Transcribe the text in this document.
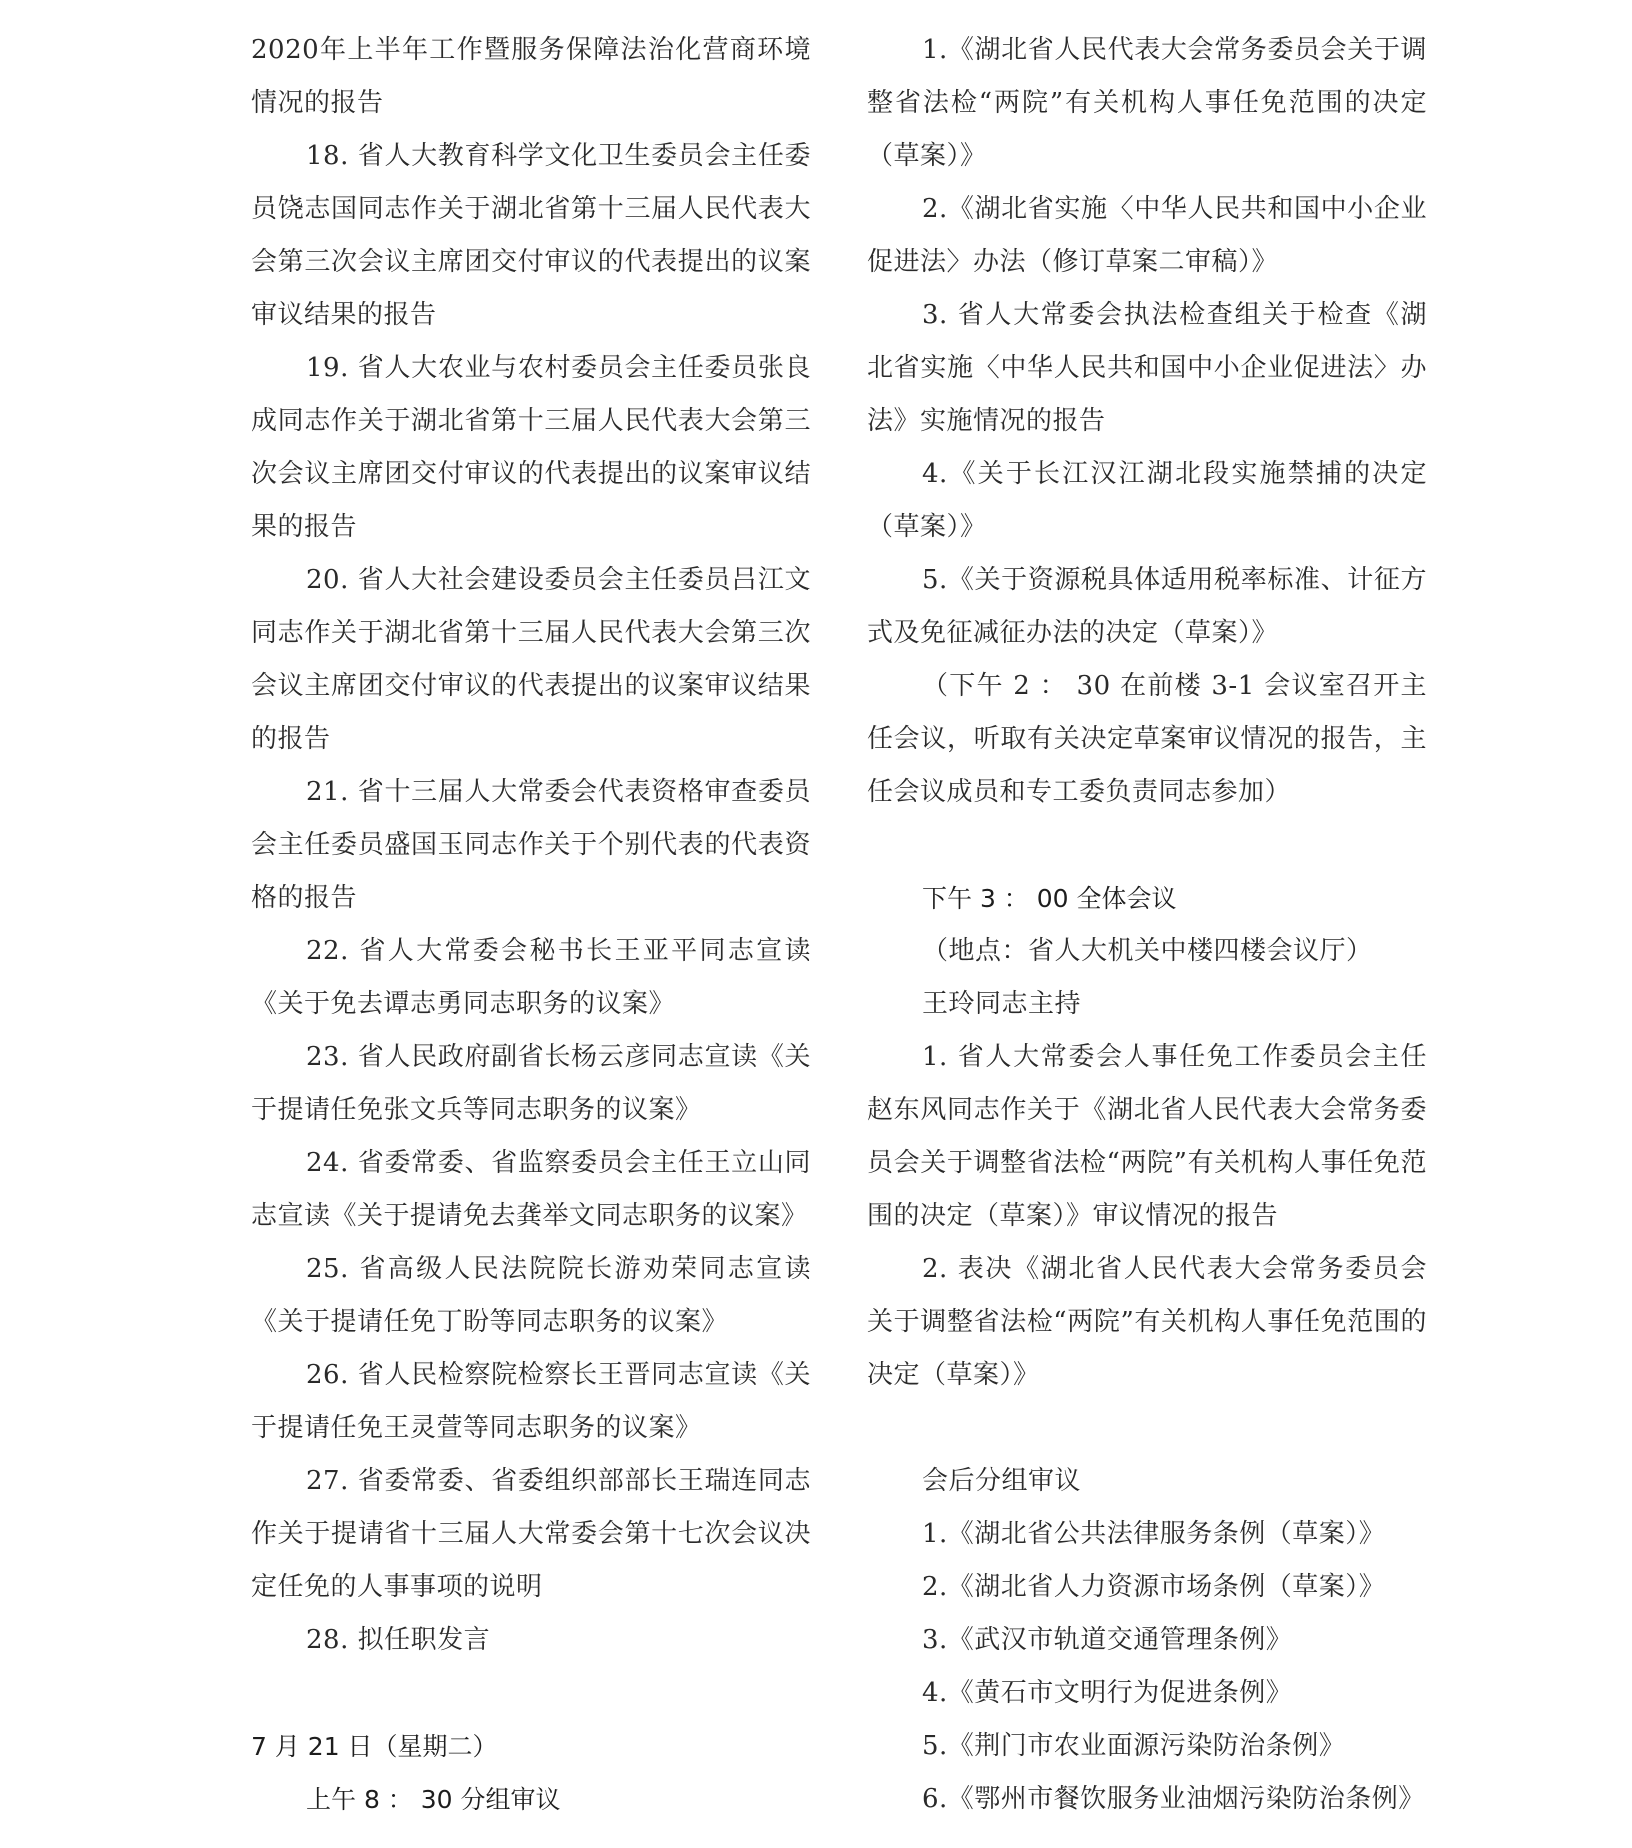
2020年上半年工作暨服务保障法治化营商环境情况的报告

18. 省人大教育科学文化卫生委员会主任委员饶志国同志作关于湖北省第十三届人民代表大会第三次会议主席团交付审议的代表提出的议案审议结果的报告

19. 省人大农业与农村委员会主任委员张良成同志作关于湖北省第十三届人民代表大会第三次会议主席团交付审议的代表提出的议案审议结果的报告

20. 省人大社会建设委员会主任委员吕江文同志作关于湖北省第十三届人民代表大会第三次会议主席团交付审议的代表提出的议案审议结果的报告

21. 省十三届人大常委会代表资格审查委员会主任委员盛国玉同志作关于个别代表的代表资格的报告

22. 省人大常委会秘书长王亚平同志宣读《关于免去谭志勇同志职务的议案》

23. 省人民政府副省长杨云彦同志宣读《关于提请任免张文兵等同志职务的议案》

24. 省委常委、省监察委员会主任王立山同志宣读《关于提请免去龚举文同志职务的议案》

25. 省高级人民法院院长游劝荣同志宣读《关于提请任免丁盼等同志职务的议案》

26. 省人民检察院检察长王晋同志宣读《关于提请任免王灵萱等同志职务的议案》

27. 省委常委、省委组织部部长王瑞连同志作关于提请省十三届人大常委会第十七次会议决定任免的人事事项的说明

28. 拟任职发言

7 月 21 日（星期二）

上午 8 ： 30 分组审议

1.《湖北省人民代表大会常务委员会关于调整省法检“两院”有关机构人事任免范围的决定（草案）》

2.《湖北省实施〈中华人民共和国中小企业促进法〉办法（修订草案二审稿）》

3. 省人大常委会执法检查组关于检查《湖北省实施〈中华人民共和国中小企业促进法〉办法》实施情况的报告

4.《关于长江汉江湖北段实施禁捕的决定（草案）》

5.《关于资源税具体适用税率标准、计征方式及免征减征办法的决定（草案）》

（下午 2 ： 30 在前楼 3-1 会议室召开主任会议，听取有关决定草案审议情况的报告，主任会议成员和专工委负责同志参加）

下午 3 ： 00 全体会议

（地点：省人大机关中楼四楼会议厅）

王玲同志主持

1. 省人大常委会人事任免工作委员会主任赵东风同志作关于《湖北省人民代表大会常务委员会关于调整省法检“两院”有关机构人事任免范围的决定（草案）》审议情况的报告

2. 表决《湖北省人民代表大会常务委员会关于调整省法检“两院”有关机构人事任免范围的决定（草案）》

会后分组审议

1.《湖北省公共法律服务条例（草案）》

2.《湖北省人力资源市场条例（草案）》

3.《武汉市轨道交通管理条例》

4.《黄石市文明行为促进条例》

5.《荆门市农业面源污染防治条例》

6.《鄂州市餐饮服务业油烟污染防治条例》
